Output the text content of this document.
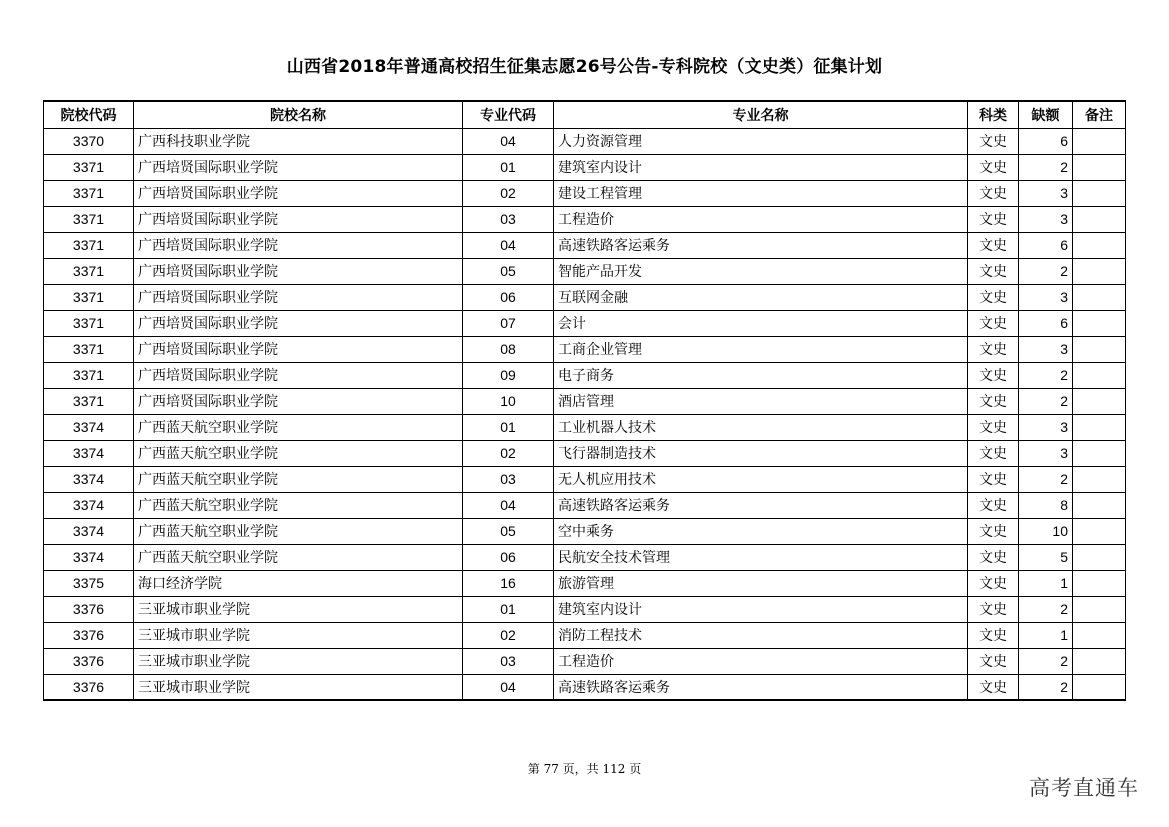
山西省2018年普通高校招生征集志愿26号公告-专科院校（文史类）征集计划
院校代码	院校名称	专业代码	专业名称	科类	缺额	备注
3370	广西科技职业学院	04	人力资源管理	文史	6	
3371	广西培贤国际职业学院	01	建筑室内设计	文史	2	
3371	广西培贤国际职业学院	02	建设工程管理	文史	3	
3371	广西培贤国际职业学院	03	工程造价	文史	3	
3371	广西培贤国际职业学院	04	高速铁路客运乘务	文史	6	
3371	广西培贤国际职业学院	05	智能产品开发	文史	2	
3371	广西培贤国际职业学院	06	互联网金融	文史	3	
3371	广西培贤国际职业学院	07	会计	文史	6	
3371	广西培贤国际职业学院	08	工商企业管理	文史	3	
3371	广西培贤国际职业学院	09	电子商务	文史	2	
3371	广西培贤国际职业学院	10	酒店管理	文史	2	
3374	广西蓝天航空职业学院	01	工业机器人技术	文史	3	
3374	广西蓝天航空职业学院	02	飞行器制造技术	文史	3	
3374	广西蓝天航空职业学院	03	无人机应用技术	文史	2	
3374	广西蓝天航空职业学院	04	高速铁路客运乘务	文史	8	
3374	广西蓝天航空职业学院	05	空中乘务	文史	10	
3374	广西蓝天航空职业学院	06	民航安全技术管理	文史	5	
3375	海口经济学院	16	旅游管理	文史	1	
3376	三亚城市职业学院	01	建筑室内设计	文史	2	
3376	三亚城市职业学院	02	消防工程技术	文史	1	
3376	三亚城市职业学院	03	工程造价	文史	2	
3376	三亚城市职业学院	04	高速铁路客运乘务	文史	2	
第 77 页，共 112 页
高考直通车
